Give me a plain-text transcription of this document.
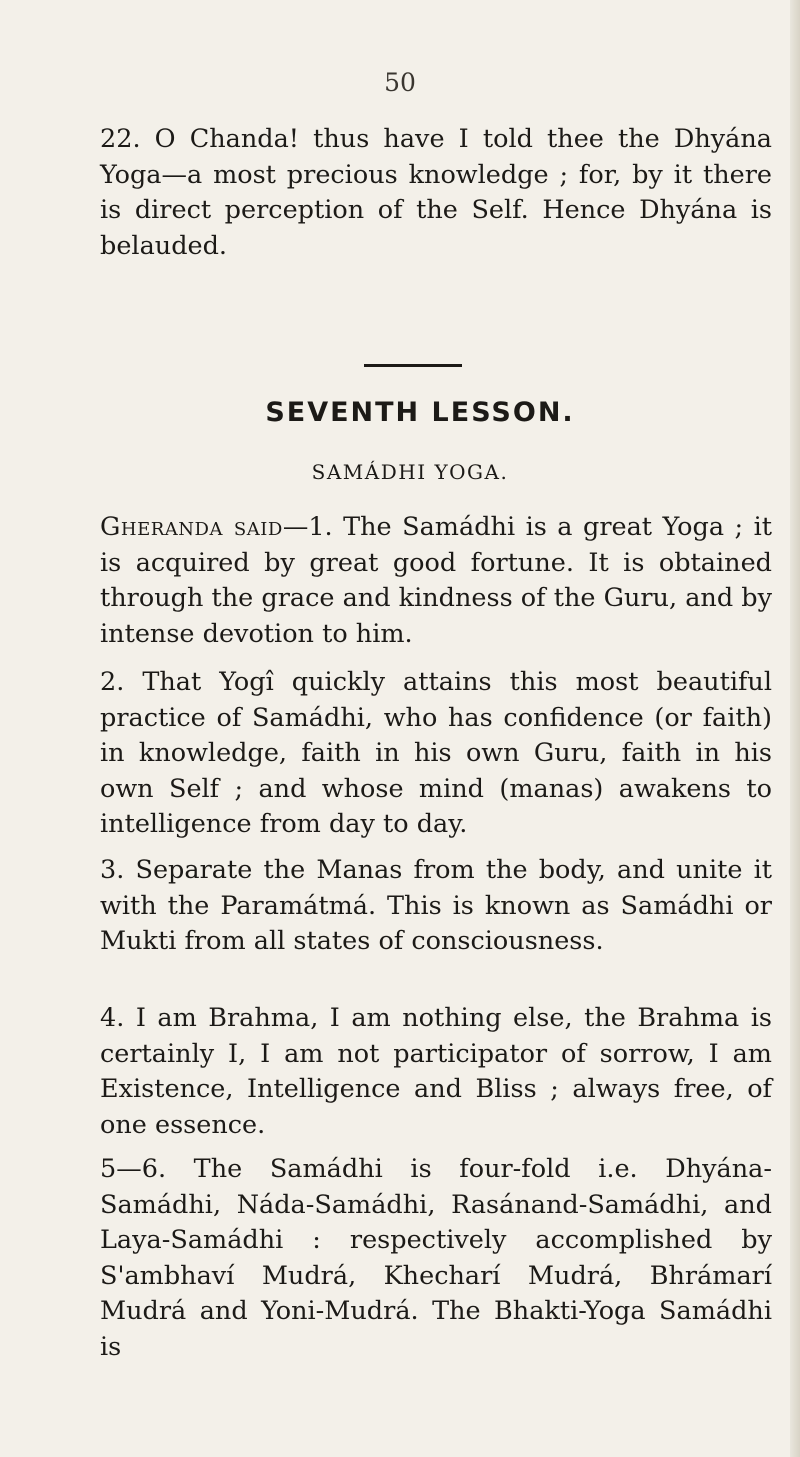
50

22. O Chanda! thus have I told thee the Dhyána Yoga—a most precious knowledge ; for, by it there is direct perception of the Self. Hence Dhyána is belauded.

SEVENTH LESSON.
SAMÁDHI YOGA.

Gheranda said—1. The Samádhi is a great Yoga ; it is acquired by great good fortune. It is obtained through the grace and kindness of the Guru, and by intense devotion to him.

2. That Yogî quickly attains this most beautiful practice of Samádhi, who has confidence (or faith) in knowledge, faith in his own Guru, faith in his own Self ; and whose mind (manas) awakens to intelligence from day to day.

3. Separate the Manas from the body, and unite it with the Paramátmá. This is known as Samádhi or Mukti from all states of consciousness.

4. I am Brahma, I am nothing else, the Brahma is certainly I, I am not participator of sorrow, I am Existence, Intelligence and Bliss ; always free, of one essence.

5—6. The Samádhi is four-fold i.e. Dhyána-Samádhi, Náda-Samádhi, Rasánand-Samádhi, and Laya-Samádhi : respectively accomplished by S'ambhaví Mudrá, Khecharí Mudrá, Bhrámarí Mudrá and Yoni-Mudrá. The Bhakti-Yoga Samádhi is
